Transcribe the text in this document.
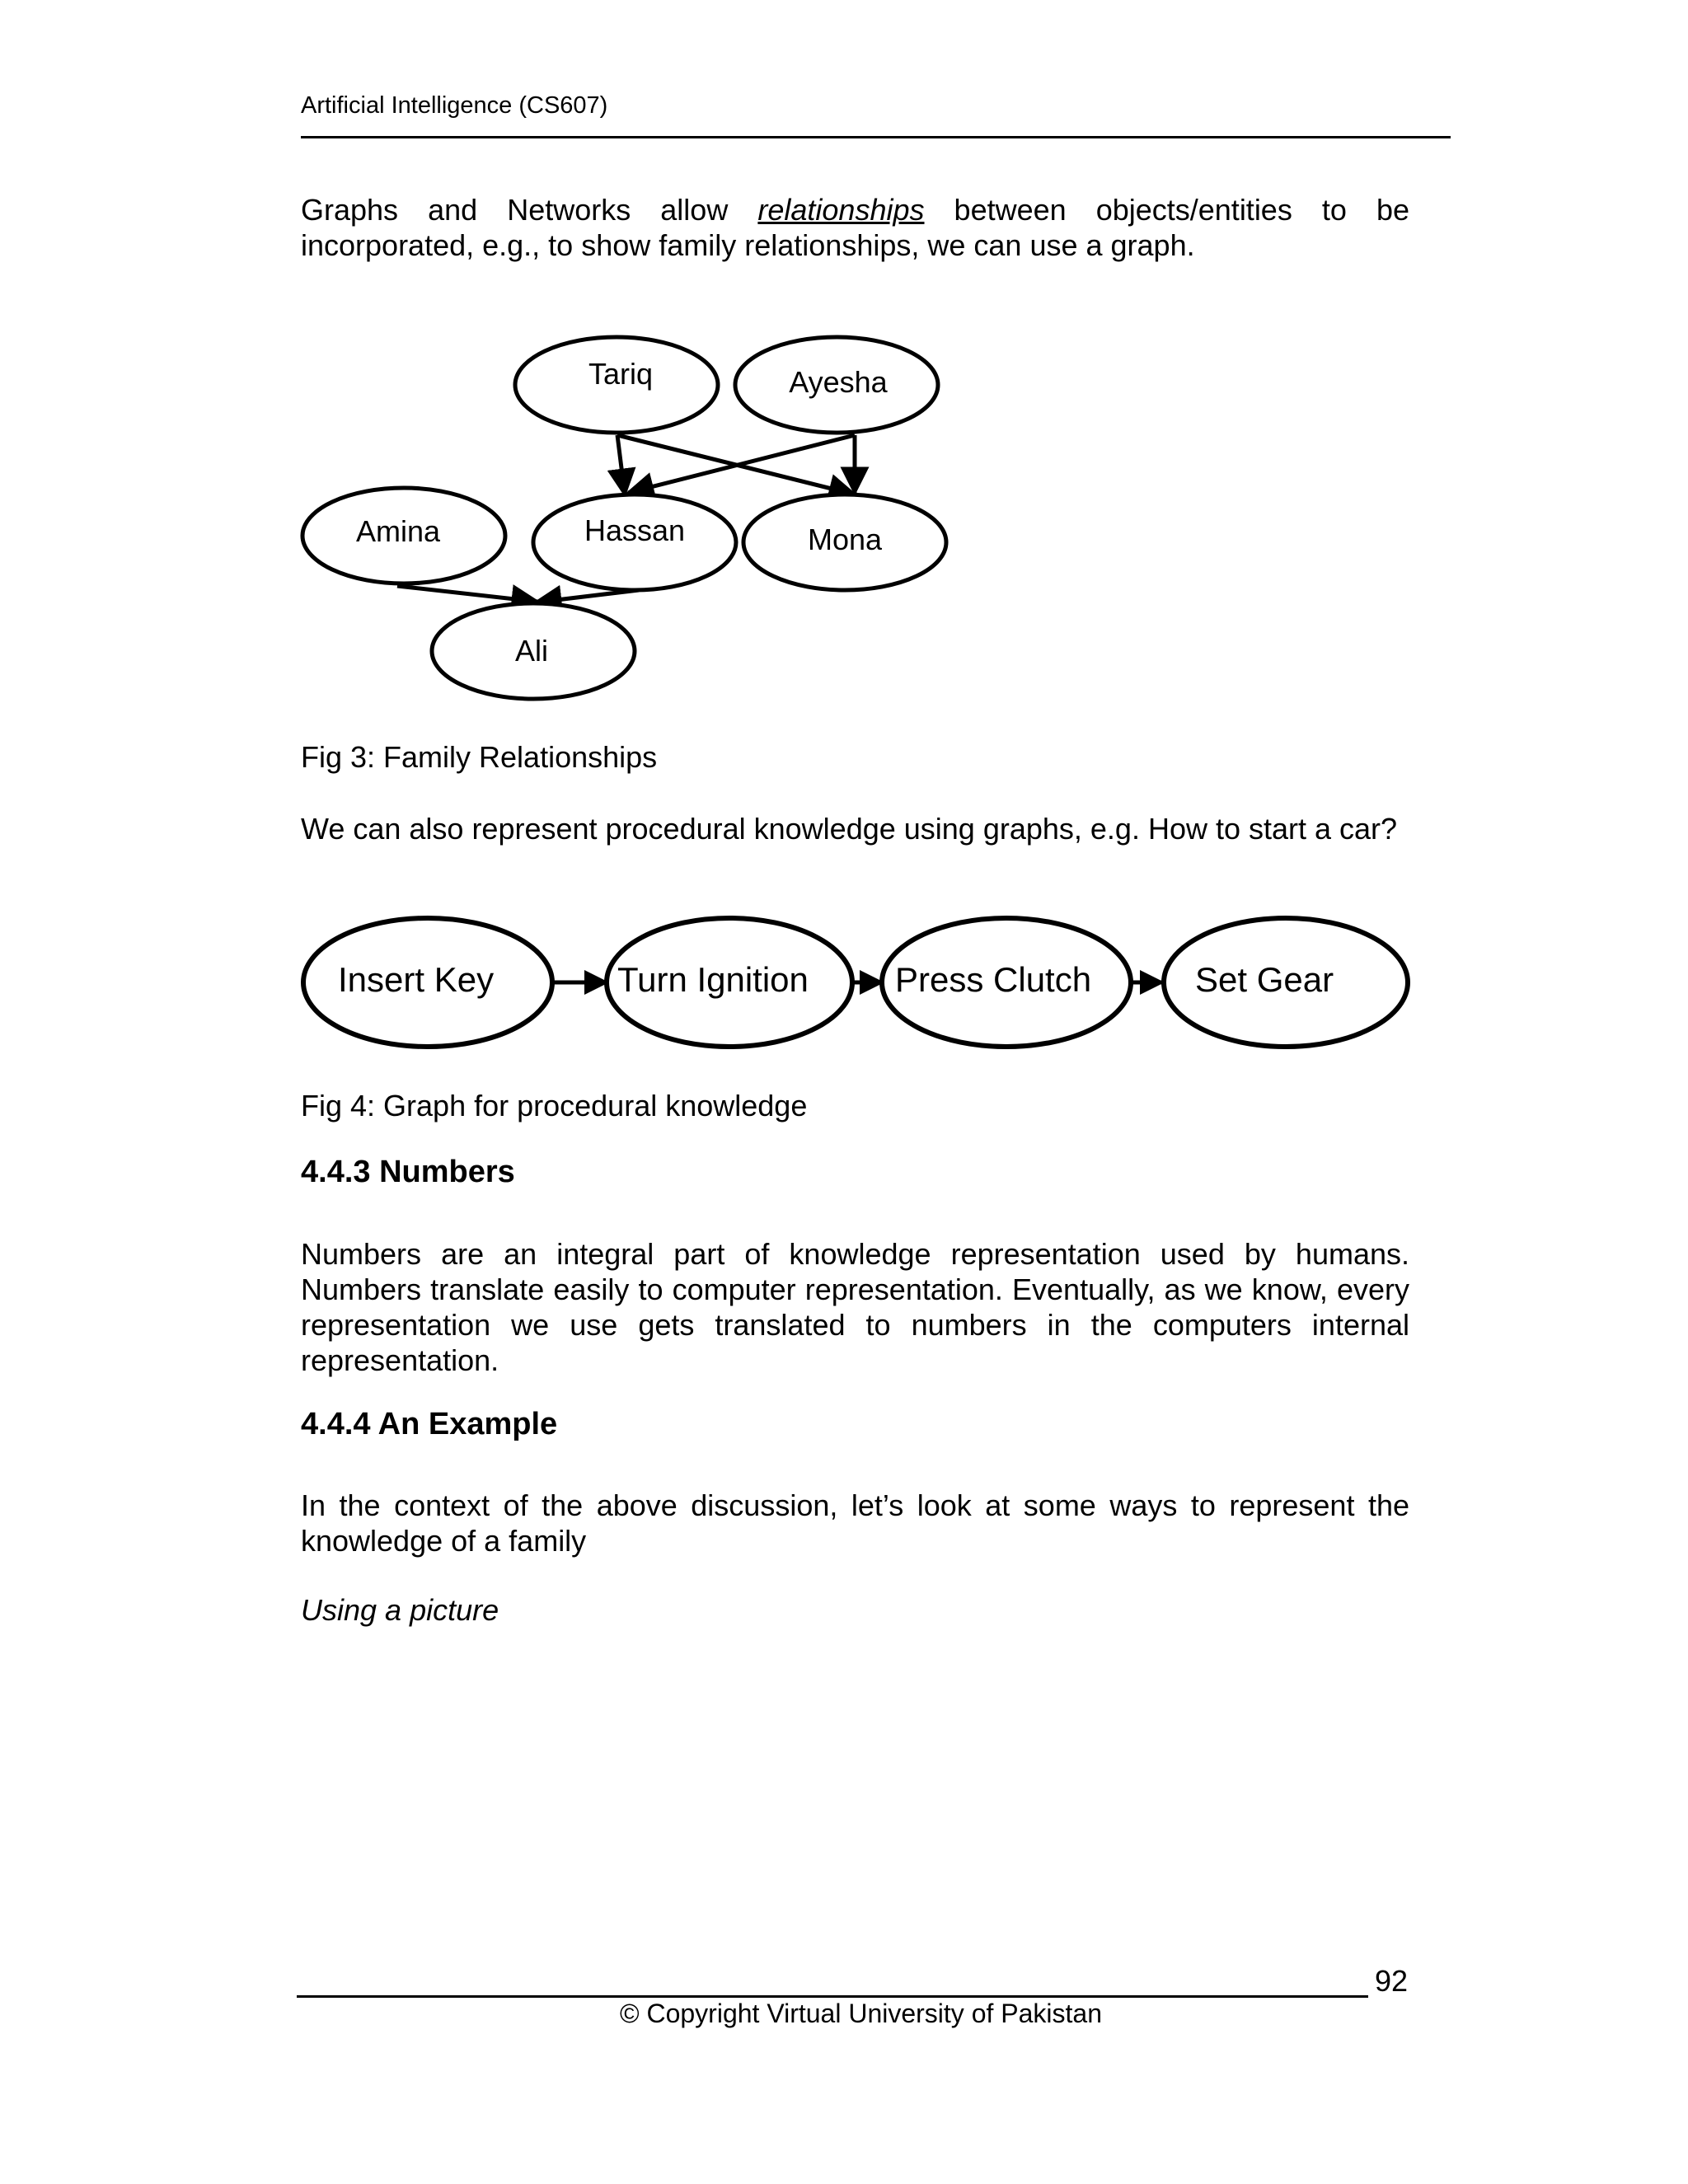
Artificial Intelligence (CS607)
Graphs and Networks allow relationships between objects/entities to be incorporated, e.g., to show family relationships, we can use a graph.
Tariq	Ayesha
Amina	Hassan	Mona
Ali
Fig 3: Family Relationships
We can also represent procedural knowledge using graphs, e.g. How to start a car?
Insert Key	Turn Ignition	Press Clutch	Set Gear
Fig 4: Graph for procedural knowledge
4.4.3 Numbers
Numbers are an integral part of knowledge representation used by humans. Numbers translate easily to computer representation. Eventually, as we know, every representation we use gets translated to numbers in the computers internal representation.
4.4.4 An Example
In the context of the above discussion, let’s look at some ways to represent the knowledge of a family
Using a picture
92
© Copyright Virtual University of Pakistan
